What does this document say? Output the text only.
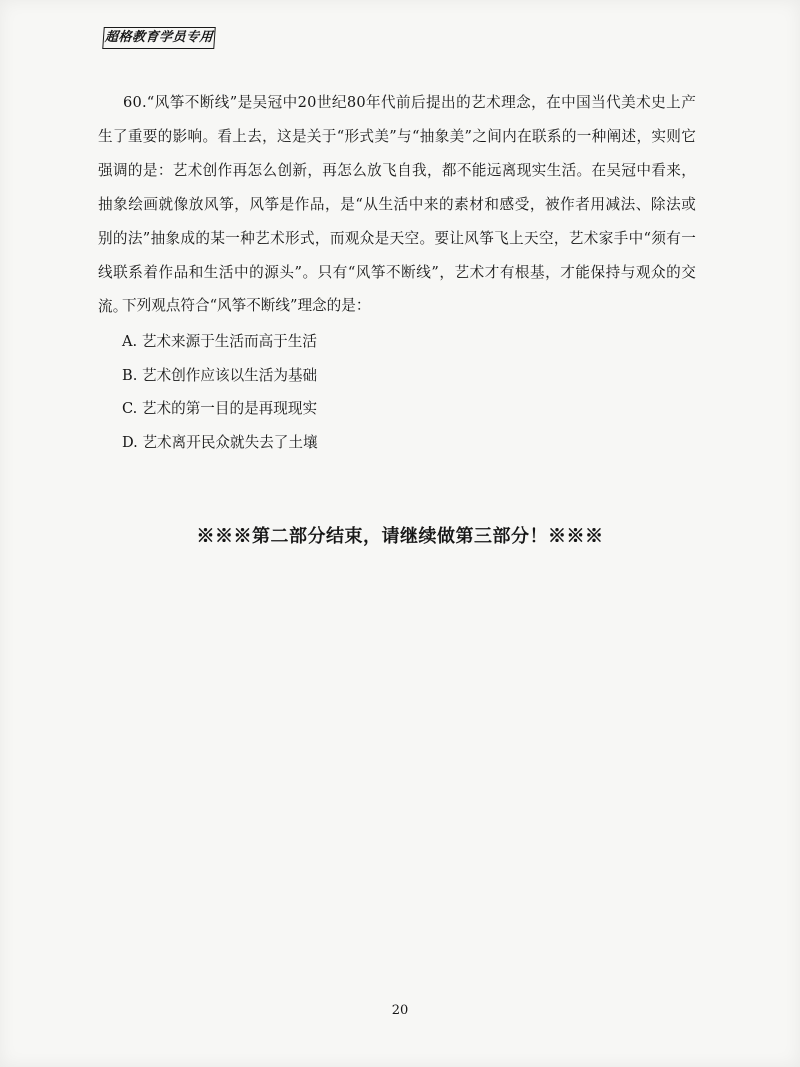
超格教育学员专用

60.“风筝不断线”是吴冠中20世纪80年代前后提出的艺术理念，在中国当代美术史上产生了重要的影响。看上去，这是关于“形式美”与“抽象美”之间内在联系的一种阐述，实则它强调的是：艺术创作再怎么创新，再怎么放飞自我，都不能远离现实生活。在吴冠中看来，抽象绘画就像放风筝，风筝是作品，是“从生活中来的素材和感受，被作者用减法、除法或别的法”抽象成的某一种艺术形式，而观众是天空。要让风筝飞上天空，艺术家手中“须有一线联系着作品和生活中的源头”。只有“风筝不断线”，艺术才有根基，才能保持与观众的交流。

下列观点符合“风筝不断线”理念的是：
A. 艺术来源于生活而高于生活
B. 艺术创作应该以生活为基础
C. 艺术的第一目的是再现现实
D. 艺术离开民众就失去了土壤
※※※第二部分结束，请继续做第三部分！※※※
20
